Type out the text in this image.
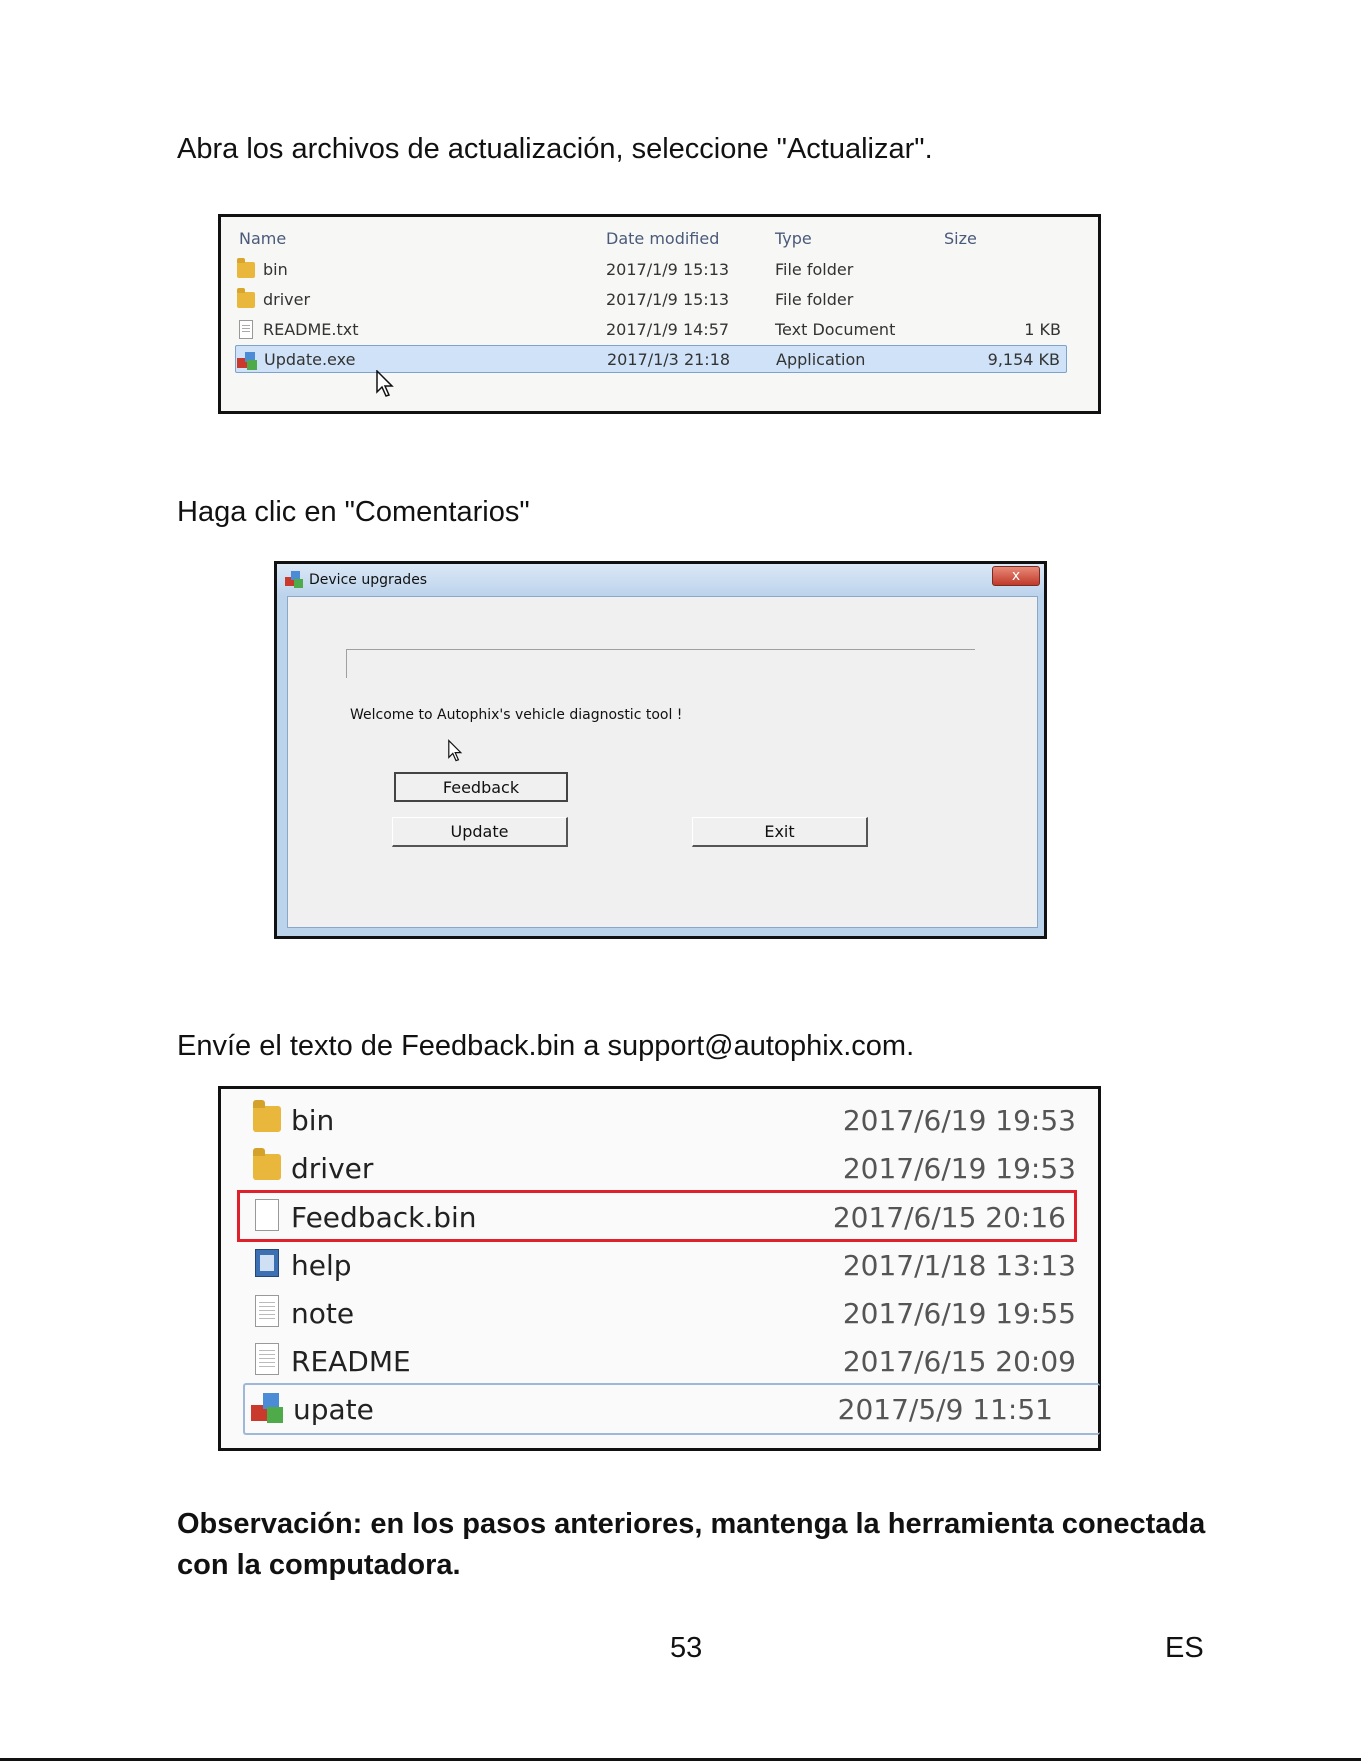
Abra los archivos de actualización, seleccione "Actualizar".

Name	Date modified	Type	Size
bin	2017/1/9 15:13	File folder
driver	2017/1/9 15:13	File folder
README.txt	2017/1/9 14:57	Text Document	1 KB
Update.exe	2017/1/3 21:18	Application	9,154 KB

Haga clic en "Comentarios"

Device upgrades	x
Welcome to Autophix's vehicle diagnostic tool !
Feedback
Update	Exit

Envíe el texto de Feedback.bin a support@autophix.com.

bin	2017/6/19 19:53
driver	2017/6/19 19:53
Feedback.bin	2017/6/15 20:16
help	2017/1/18 13:13
note	2017/6/19 19:55
README	2017/6/15 20:09
upate	2017/5/9 11:51

Observación: en los pasos anteriores, mantenga la herramienta conectada con la computadora.

53	ES
